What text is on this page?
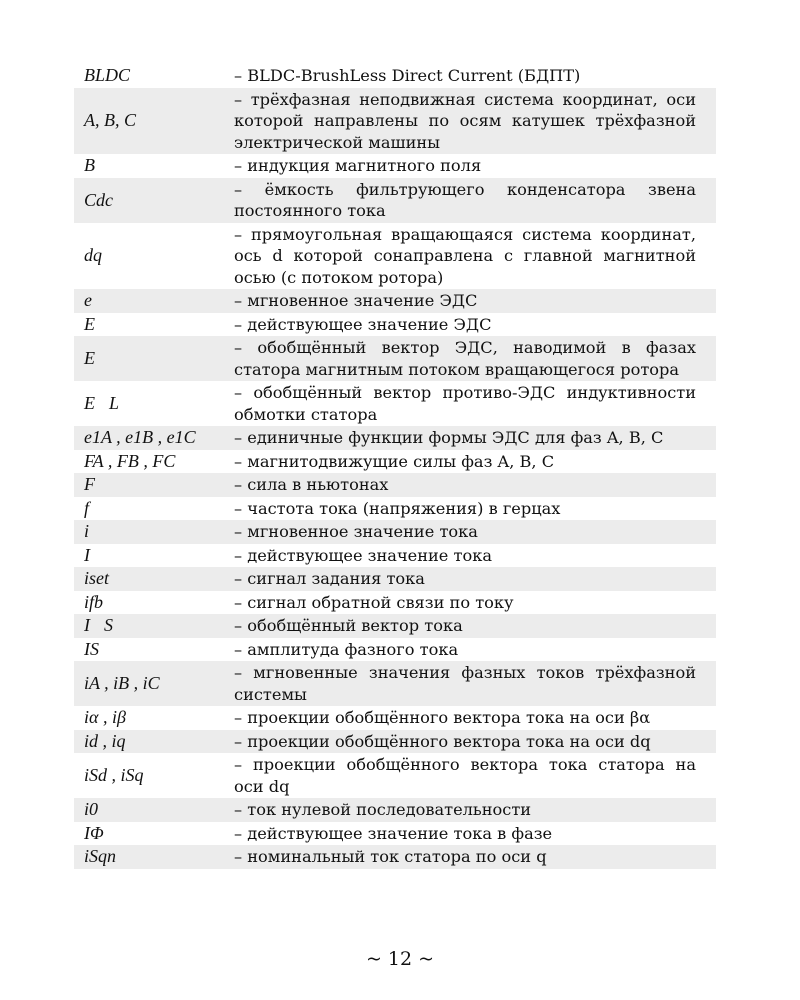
BLDC	– BLDC-BrushLess Direct Current (БДПТ)
A, B, C	– трёхфазная неподвижная система координат, оси которой направлены по осям катушек трёхфазной электрической машины
B	– индукция магнитного поля
Cdc	– ёмкость фильтрующего конденсатора звена постоянного тока
dq	– прямоугольная вращающаяся система координат, ось d которой сонаправлена с главной магнитной осью (с потоком ротора)
e	– мгновенное значение ЭДС
E	– действующее значение ЭДС
E⃗	– обобщённый вектор ЭДС, наводимой в фазах статора магнитным потоком вращающегося ротора
E⃗L	– обобщённый вектор противо-ЭДС индуктивности обмотки статора
e1A , e1B , e1C	– единичные функции формы ЭДС для фаз A, B, C
FA , FB , FC	– магнитодвижущие силы фаз A, B, C
F	– сила в ньютонах
f	– частота тока (напряжения) в герцах
i	– мгновенное значение тока
I	– действующее значение тока
iset	– сигнал задания тока
ifb	– сигнал обратной связи по току
I⃗S	– обобщённый вектор тока
IS	– амплитуда фазного тока
iA , iB , iC	– мгновенные значения фазных токов трёхфазной системы
iα , iβ	– проекции обобщённого вектора тока на оси βα
id , iq	– проекции обобщённого вектора тока на оси dq
iSd , iSq	– проекции обобщённого вектора тока статора на оси dq
i0	– ток нулевой последовательности
IΦ	– действующее значение тока в фазе
iSqn	– номинальный ток статора по оси q
~ 12 ~
